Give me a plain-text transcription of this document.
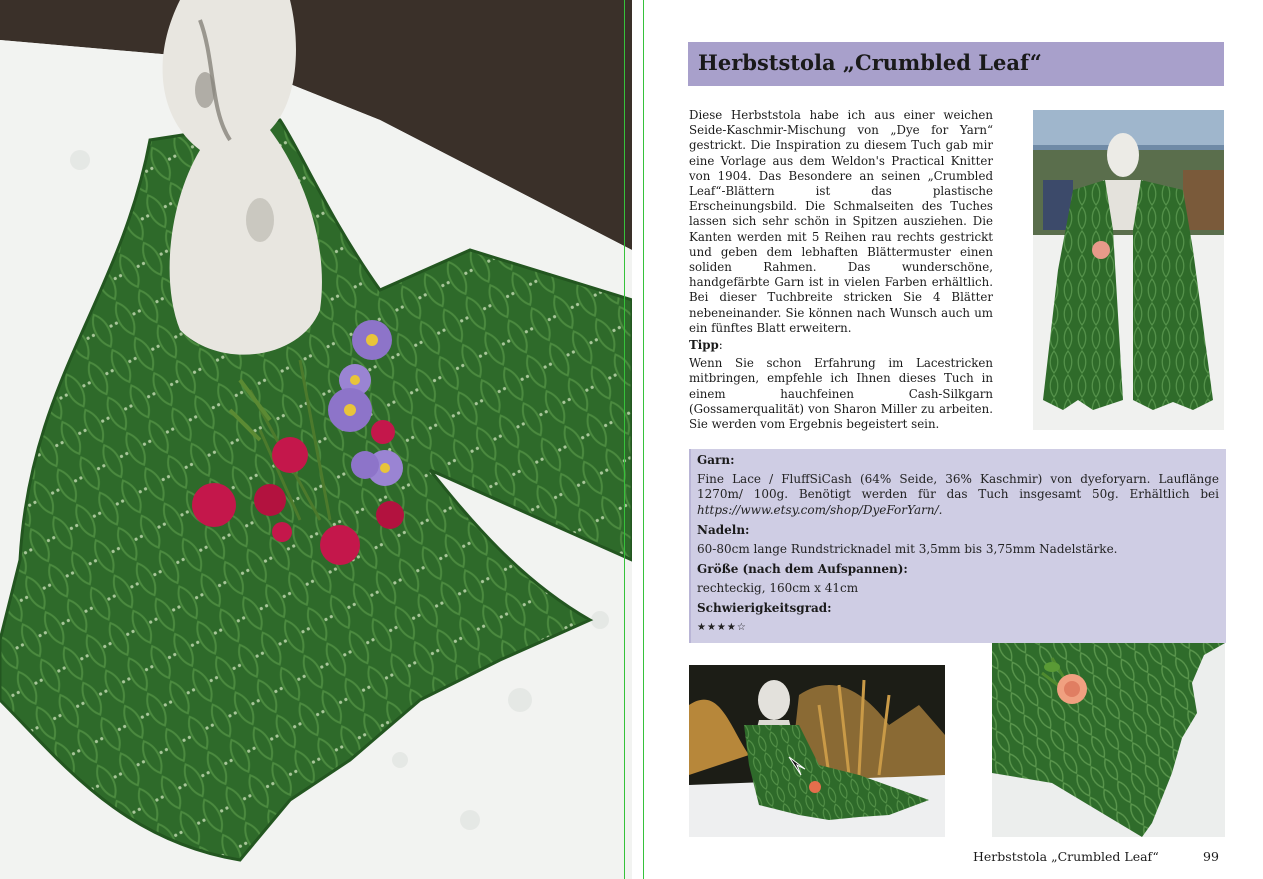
Herbststola „Crumbled Leaf“

Diese Herbststola habe ich aus einer weichen Seide-Kaschmir-Mischung von „Dye for Yarn“ gestrickt. Die Inspiration zu diesem Tuch gab mir eine Vorlage aus dem Weldon's Practical Knitter von 1904. Das Besondere an seinen „Crumbled Leaf“-Blättern ist das plastische Erscheinungsbild. Die Schmalseiten des Tuches lassen sich sehr schön in Spitzen ausziehen. Die Kanten werden mit 5 Reihen rau rechts gestrickt und geben dem lebhaften Blättermuster einen soliden Rahmen. Das wunderschöne, handgefärbte Garn ist in vielen Farben erhältlich. Bei dieser Tuchbreite stricken Sie 4 Blätter nebeneinander. Sie können nach Wunsch auch um ein fünftes Blatt erweitern.

Tipp:

Wenn Sie schon Erfahrung im Lacestricken mitbringen, empfehle ich Ihnen dieses Tuch in einem hauchfeinen Cash-Silkgarn (Gossamerqualität) von Sharon Miller zu arbeiten. Sie werden vom Ergebnis begeistert sein.

Garn:

Fine Lace / FluffSiCash (64% Seide, 36% Kaschmir) von dyeforyarn. Lauflänge 1270m/ 100g. Benötigt werden für das Tuch insgesamt 50g. Erhältlich bei https://www.etsy.com/shop/DyeForYarn/.

Nadeln:

60-80cm lange Rundstricknadel mit 3,5mm bis 3,75mm Nadelstärke.

Größe (nach dem Aufspannen):

rechteckig, 160cm x 41cm

Schwierigkeitsgrad:

★★★★☆

Herbststola „Crumbled Leaf“	99
